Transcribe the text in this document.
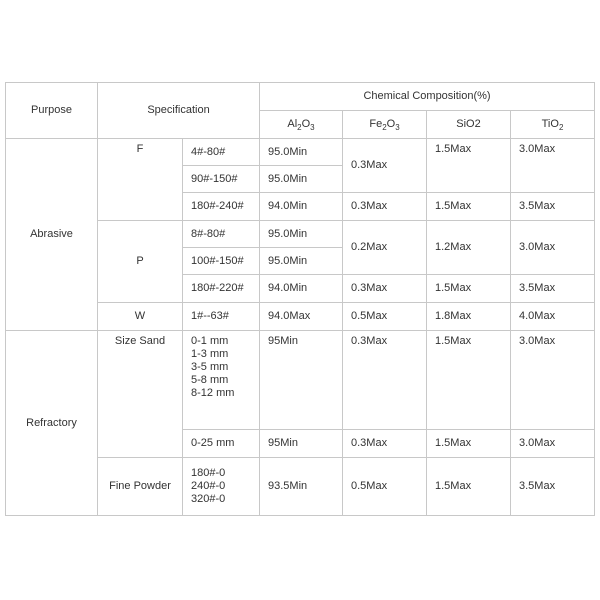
Purpose	Specification		Chemical Composition(%)			
			$Al_2O_3$	$Fe_2O_3$	SiO2	TiO$_2$
Abrasive	F	4#-80#	95.0Min	0.3Max	1.5Max	3.0Max
		90#-150#	95.0Min			
		180#-240#	94.0Min	0.3Max	1.5Max	3.5Max
	P	8#-80#	95.0Min	0.2Max	1.2Max	3.0Max
		100#-150#	95.0Min			
		180#-220#	94.0Min	0.3Max	1.5Max	3.5Max
	W	1#--63#	94.0Max	0.5Max	1.8Max	4.0Max
Refractory	Size Sand	0-1 mm
1-3 mm
3-5 mm
5-8 mm
8-12 mm	95Min	0.3Max	1.5Max	3.0Max
		0-25 mm	95Min	0.3Max	1.5Max	3.0Max
	Fine Powder	180#-0
240#-0
320#-0	93.5Min	0.5Max	1.5Max	3.5Max
